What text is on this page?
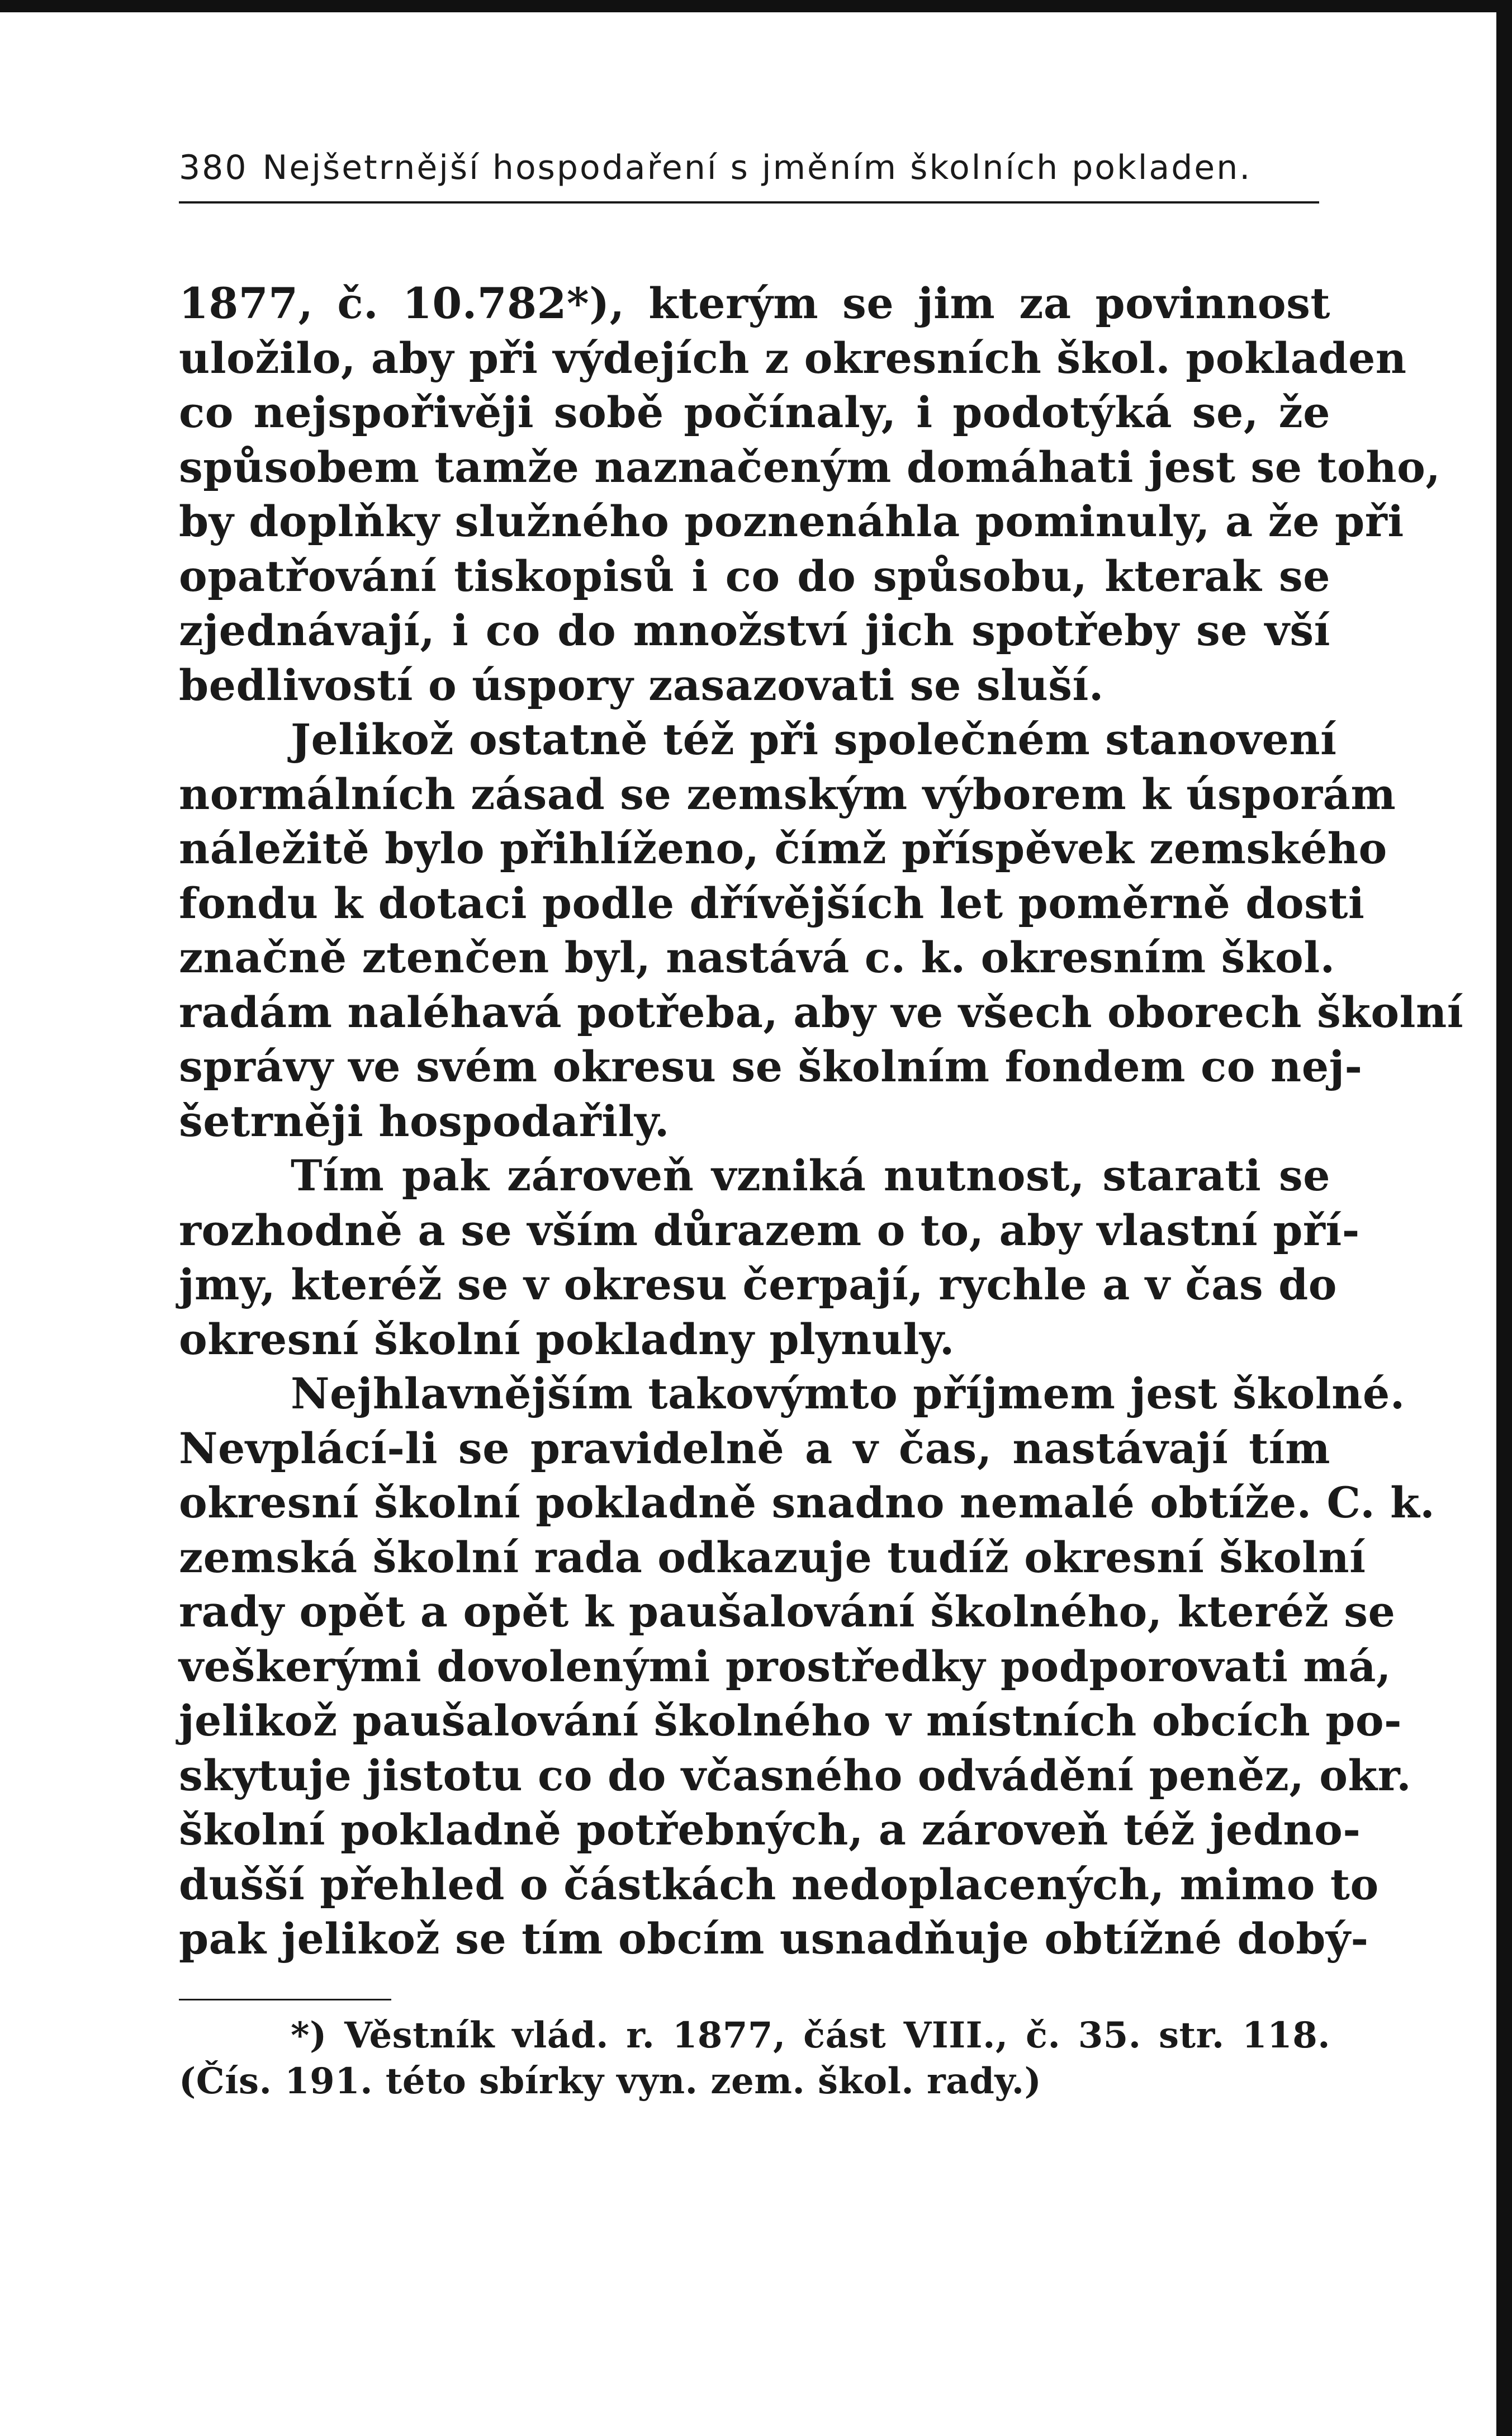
380 Nejšetrnější hospodaření s jměním školních pokladen.
1877, č. 10.782*), kterým se jim za povinnost
uložilo, aby při výdejích z okresních škol. pokladen
co nejspořivěji sobě počínaly, i podotýká se, že
spůsobem tamže naznačeným domáhati jest se toho,
by doplňky služného poznenáhla pominuly, a že při
opatřování tiskopisů i co do spůsobu, kterak se
zjednávají, i co do množství jich spotřeby se vší
bedlivostí o úspory zasazovati se sluší.
Jelikož ostatně též při společném stanovení
normálních zásad se zemským výborem k úsporám
náležitě bylo přihlíženo, čímž příspěvek zemského
fondu k dotaci podle dřívějších let poměrně dosti
značně ztenčen byl, nastává c. k. okresním škol.
radám naléhavá potřeba, aby ve všech oborech školní
správy ve svém okresu se školním fondem co nej-
šetrněji hospodařily.
Tím pak zároveň vzniká nutnost, starati se
rozhodně a se vším důrazem o to, aby vlastní pří-
jmy, kteréž se v okresu čerpají, rychle a v čas do
okresní školní pokladny plynuly.
Nejhlavnějším takovýmto příjmem jest školné.
Nevplácí-li se pravidelně a v čas, nastávají tím
okresní školní pokladně snadno nemalé obtíže. C. k.
zemská školní rada odkazuje tudíž okresní školní
rady opět a opět k paušalování školného, kteréž se
veškerými dovolenými prostředky podporovati má,
jelikož paušalování školného v místních obcích po-
skytuje jistotu co do včasného odvádění peněz, okr.
školní pokladně potřebných, a zároveň též jedno-
dušší přehled o částkách nedoplacených, mimo to
pak jelikož se tím obcím usnadňuje obtížné dobý-
*) Věstník vlád. r. 1877, část VIII., č. 35. str. 118.
(Čís. 191. této sbírky vyn. zem. škol. rady.)
